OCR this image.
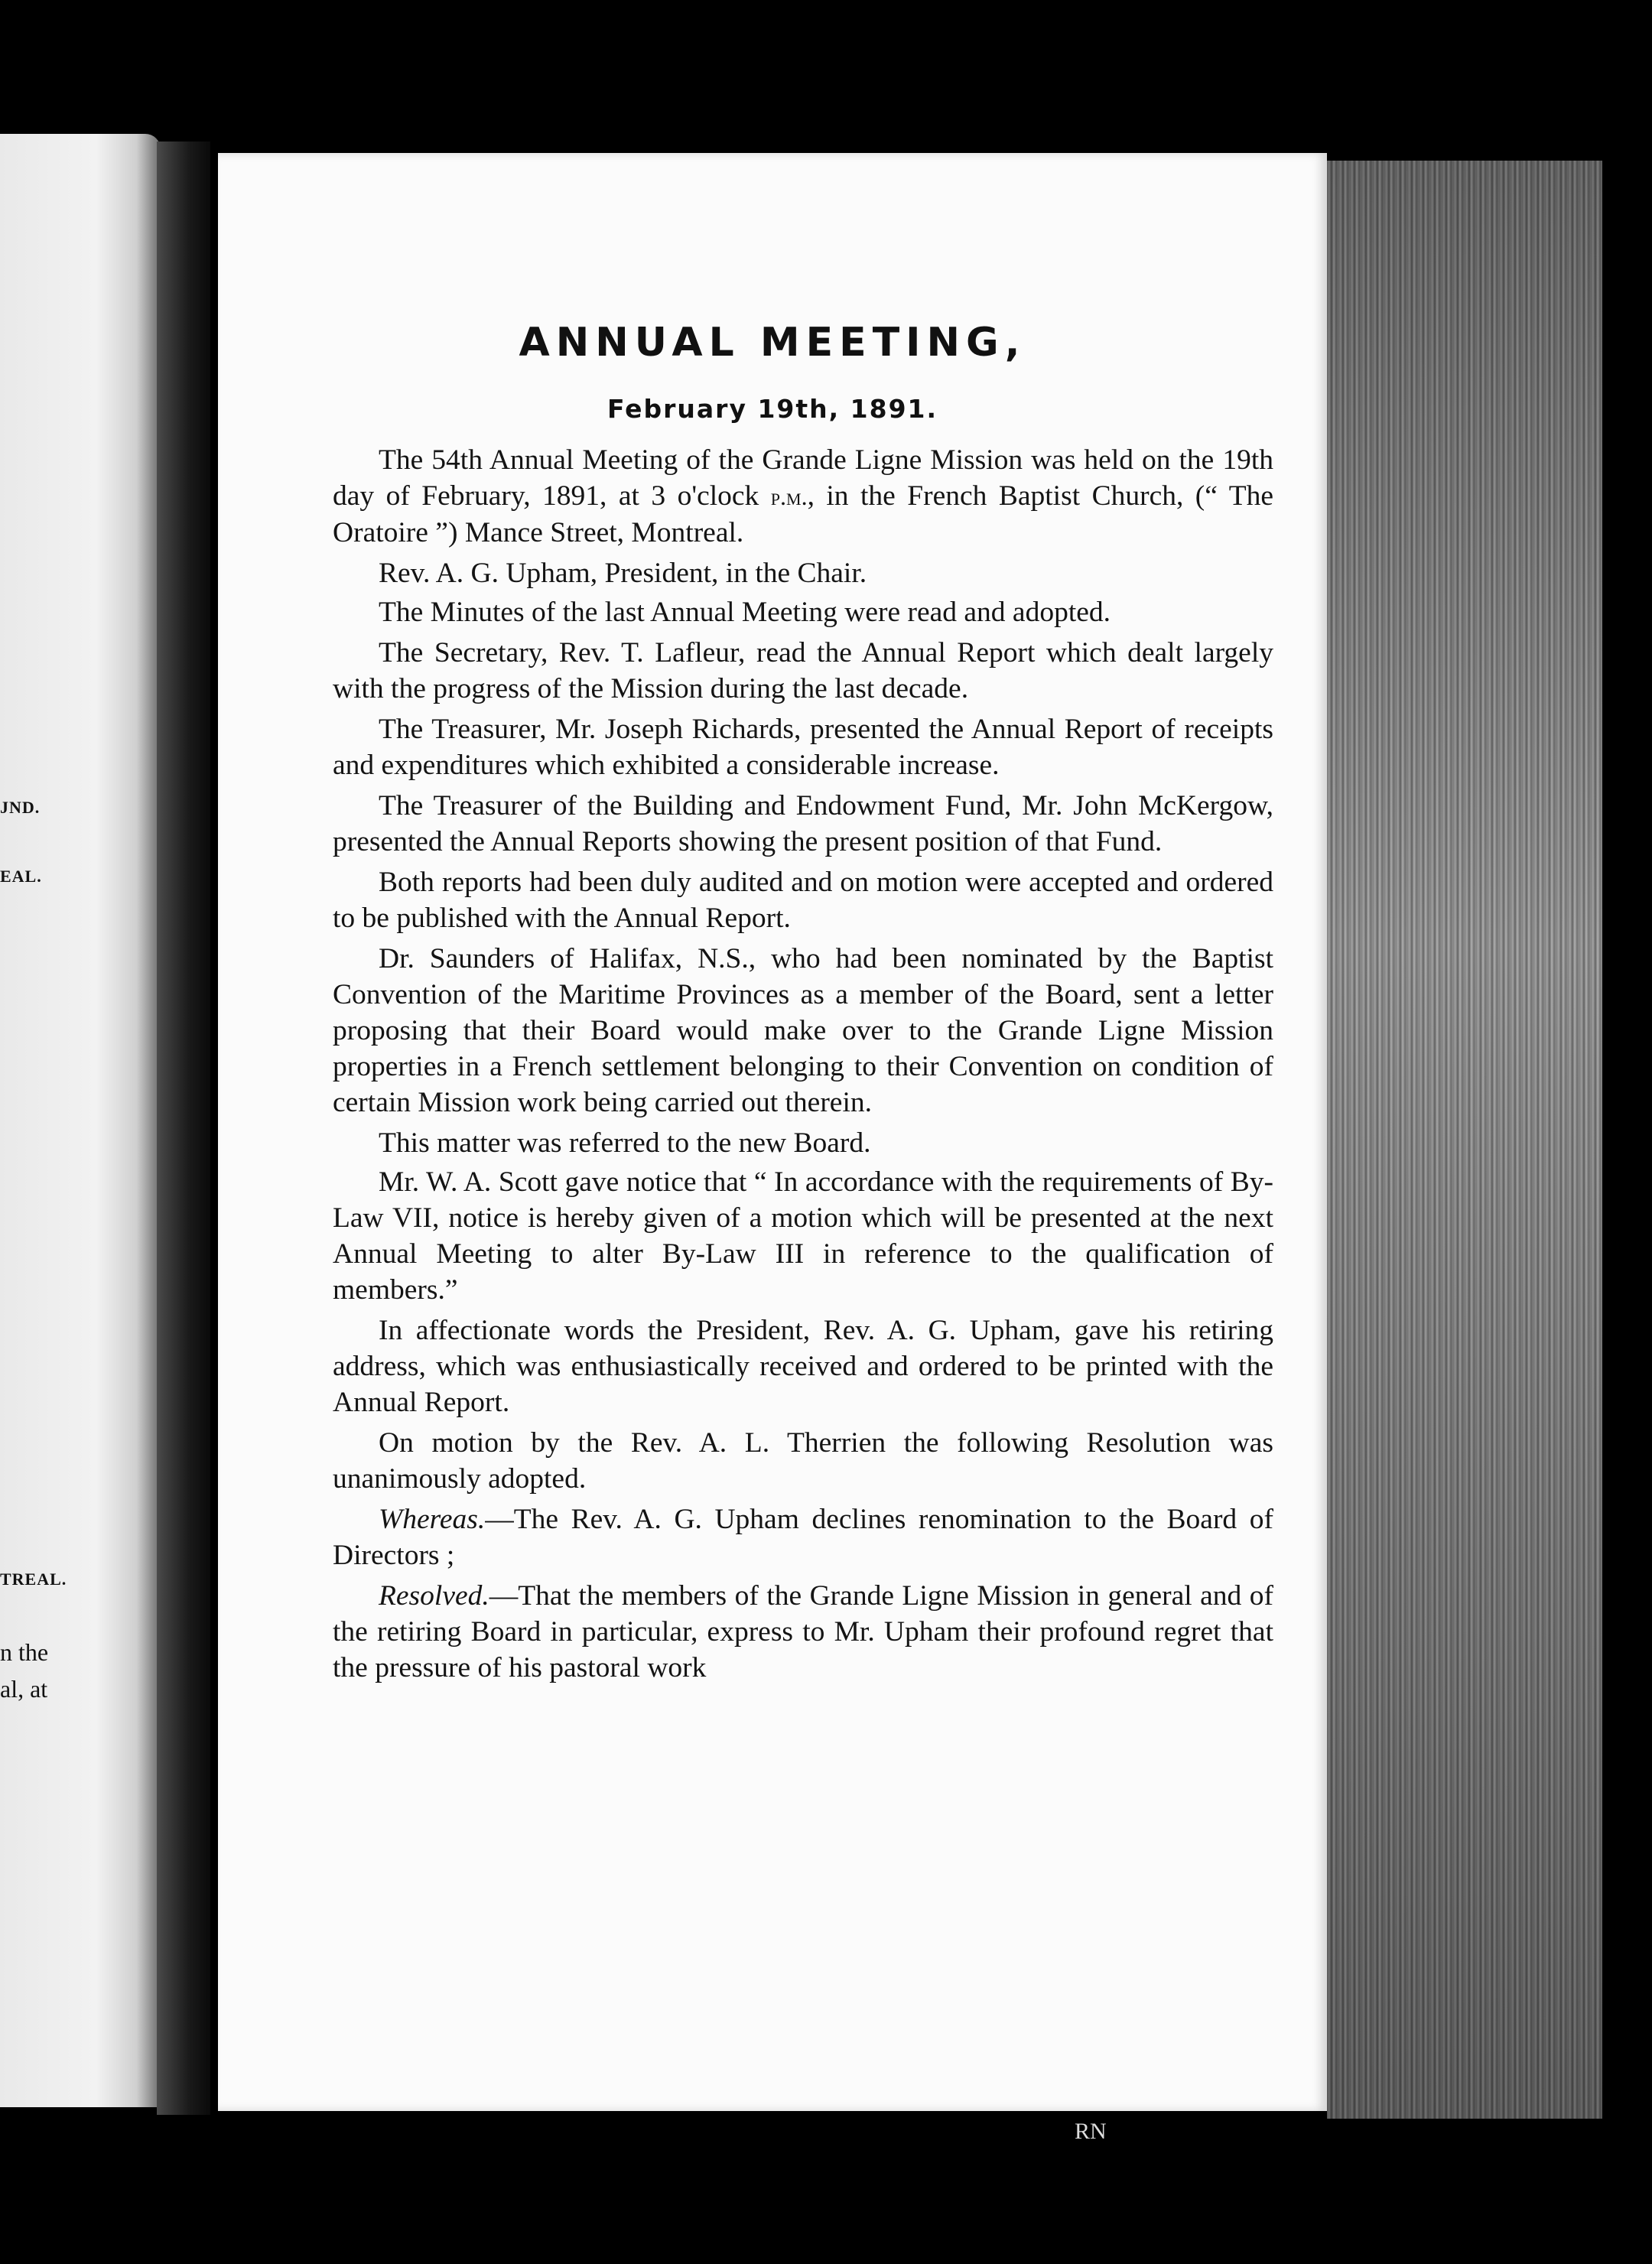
JND.
EAL.
TREAL.
n the
al, at
ANNUAL MEETING,
February 19th, 1891.

The 54th Annual Meeting of the Grande Ligne Mission was held on the 19th day of February, 1891, at 3 o'clock p.m., in the French Baptist Church, (“ The Oratoire ”) Mance Street, Montreal.

Rev. A. G. Upham, President, in the Chair.

The Minutes of the last Annual Meeting were read and adopted.

The Secretary, Rev. T. Lafleur, read the Annual Report which dealt largely with the progress of the Mission during the last decade.

The Treasurer, Mr. Joseph Richards, presented the Annual Report of receipts and expenditures which exhibited a considerable increase.

The Treasurer of the Building and Endowment Fund, Mr. John McKergow, presented the Annual Reports showing the present position of that Fund.

Both reports had been duly audited and on motion were accepted and ordered to be published with the Annual Report.

Dr. Saunders of Halifax, N.S., who had been nominated by the Baptist Convention of the Maritime Provinces as a member of the Board, sent a letter proposing that their Board would make over to the Grande Ligne Mission properties in a French settlement belonging to their Convention on condition of certain Mission work being carried out therein.

This matter was referred to the new Board.

Mr. W. A. Scott gave notice that “ In accordance with the requirements of By-Law VII, notice is hereby given of a motion which will be presented at the next Annual Meeting to alter By-Law III in reference to the qualification of members.”

In affectionate words the President, Rev. A. G. Upham, gave his retiring address, which was enthusiastically received and ordered to be printed with the Annual Report.

On motion by the Rev. A. L. Therrien the following Resolution was unanimously adopted.

Whereas.—The Rev. A. G. Upham declines renomination to the Board of Directors ;

Resolved.—That the members of the Grande Ligne Mission in general and of the retiring Board in particular, express to Mr. Upham their profound regret that the pressure of his pastoral work

RN
